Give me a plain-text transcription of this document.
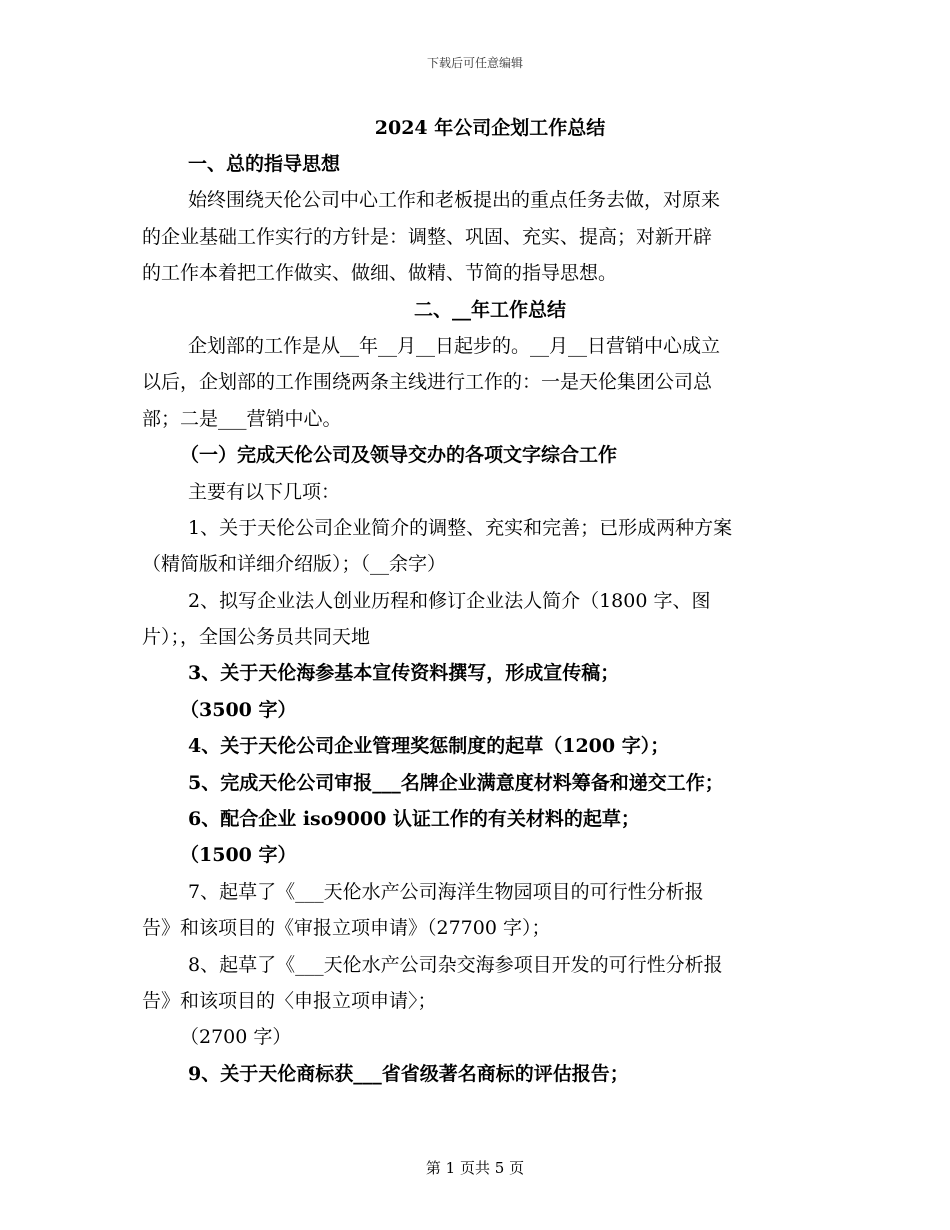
下载后可任意编辑
2024 年公司企划工作总结
一、总的指导思想
始终围绕天伦公司中心工作和老板提出的重点任务去做，对原来
的企业基础工作实行的方针是：调整、巩固、充实、提高；对新开辟
的工作本着把工作做实、做细、做精、节简的指导思想。
二、__年工作总结
企划部的工作是从__年__月__日起步的。__月__日营销中心成立
以后，企划部的工作围绕两条主线进行工作的：一是天伦集团公司总
部；二是___营销中心。
（一）完成天伦公司及领导交办的各项文字综合工作
主要有以下几项：
1、关于天伦公司企业简介的调整、充实和完善；已形成两种方案
（精简版和详细介绍版）；（__余字）
2、拟写企业法人创业历程和修订企业法人简介（1800 字、图
片）；，全国公务员共同天地
3、关于天伦海参基本宣传资料撰写，形成宣传稿；
（3500 字）
4、关于天伦公司企业管理奖惩制度的起草（1200 字）；
5、完成天伦公司审报___名牌企业满意度材料筹备和递交工作；
6、配合企业 iso9000 认证工作的有关材料的起草；
（1500 字）
7、起草了《___天伦水产公司海洋生物园项目的可行性分析报
告》和该项目的《审报立项申请》（27700 字）；
8、起草了《___天伦水产公司杂交海参项目开发的可行性分析报
告》和该项目的〈申报立项申请〉；
（2700 字）
9、关于天伦商标获___省省级著名商标的评估报告；
第 1 页共 5 页
